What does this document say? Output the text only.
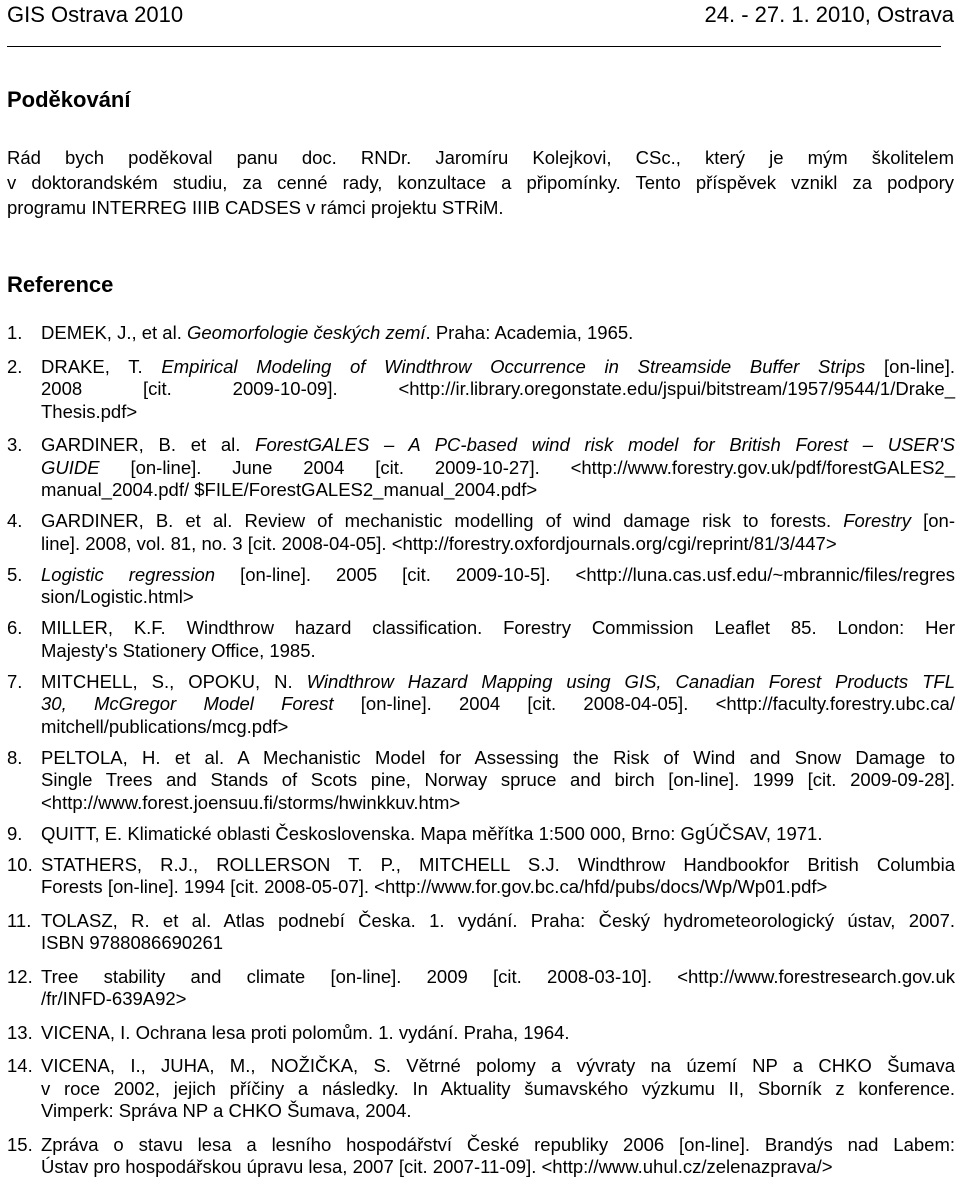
GIS Ostrava 2010	24. - 27. 1. 2010, Ostrava
Poděkování
Rád bych poděkoval panu doc. RNDr. Jaromíru Kolejkovi, CSc., který je mým školitelem
v doktorandském studiu, za cenné rady, konzultace a připomínky. Tento příspěvek vznikl za podpory
programu INTERREG IIIB CADSES v rámci projektu STRiM.
Reference
1. DEMEK, J., et al. Geomorfologie českých zemí. Praha: Academia, 1965.
2. DRAKE, T. Empirical Modeling of Windthrow Occurrence in Streamside Buffer Strips [on-line].
2008 [cit. 2009-10-09]. <http://ir.library.oregonstate.edu/jspui/bitstream/1957/9544/1/Drake_
Thesis.pdf>
3. GARDINER, B. et al. ForestGALES – A PC-based wind risk model for British Forest – USER'S
GUIDE [on-line]. June 2004 [cit. 2009-10-27]. <http://www.forestry.gov.uk/pdf/forestGALES2_
manual_2004.pdf/ $FILE/ForestGALES2_manual_2004.pdf>
4. GARDINER, B. et al. Review of mechanistic modelling of wind damage risk to forests. Forestry [on-
line]. 2008, vol. 81, no. 3 [cit. 2008-04-05]. <http://forestry.oxfordjournals.org/cgi/reprint/81/3/447>
5. Logistic regression [on-line]. 2005 [cit. 2009-10-5]. <http://luna.cas.usf.edu/~mbrannic/files/regres
sion/Logistic.html>
6. MILLER, K.F. Windthrow hazard classification. Forestry Commission Leaflet 85. London: Her
Majesty's Stationery Office, 1985.
7. MITCHELL, S., OPOKU, N. Windthrow Hazard Mapping using GIS, Canadian Forest Products TFL
30, McGregor Model Forest [on-line]. 2004 [cit. 2008-04-05]. <http://faculty.forestry.ubc.ca/
mitchell/publications/mcg.pdf>
8. PELTOLA, H. et al. A Mechanistic Model for Assessing the Risk of Wind and Snow Damage to
Single Trees and Stands of Scots pine, Norway spruce and birch [on-line]. 1999 [cit. 2009-09-28].
<http://www.forest.joensuu.fi/storms/hwinkkuv.htm>
9. QUITT, E. Klimatické oblasti Československa. Mapa měřítka 1:500 000, Brno: GgÚČSAV, 1971.
10. STATHERS, R.J., ROLLERSON T. P., MITCHELL S.J. Windthrow Handbookfor British Columbia
Forests [on-line]. 1994 [cit. 2008-05-07]. <http://www.for.gov.bc.ca/hfd/pubs/docs/Wp/Wp01.pdf>
11. TOLASZ, R. et al. Atlas podnebí Česka. 1. vydání. Praha: Český hydrometeorologický ústav, 2007.
ISBN 9788086690261
12. Tree stability and climate [on-line]. 2009 [cit. 2008-03-10]. <http://www.forestresearch.gov.uk
/fr/INFD-639A92>
13. VICENA, I. Ochrana lesa proti polomům. 1. vydání. Praha, 1964.
14. VICENA, I., JUHA, M., NOŽIČKA, S. Větrné polomy a vývraty na území NP a CHKO Šumava
v roce 2002, jejich příčiny a následky. In Aktuality šumavského výzkumu II, Sborník z konference.
Vimperk: Správa NP a CHKO Šumava, 2004.
15. Zpráva o stavu lesa a lesního hospodářství České republiky 2006 [on-line]. Brandýs nad Labem:
Ústav pro hospodářskou úpravu lesa, 2007 [cit. 2007-11-09]. <http://www.uhul.cz/zelenazprava/>
